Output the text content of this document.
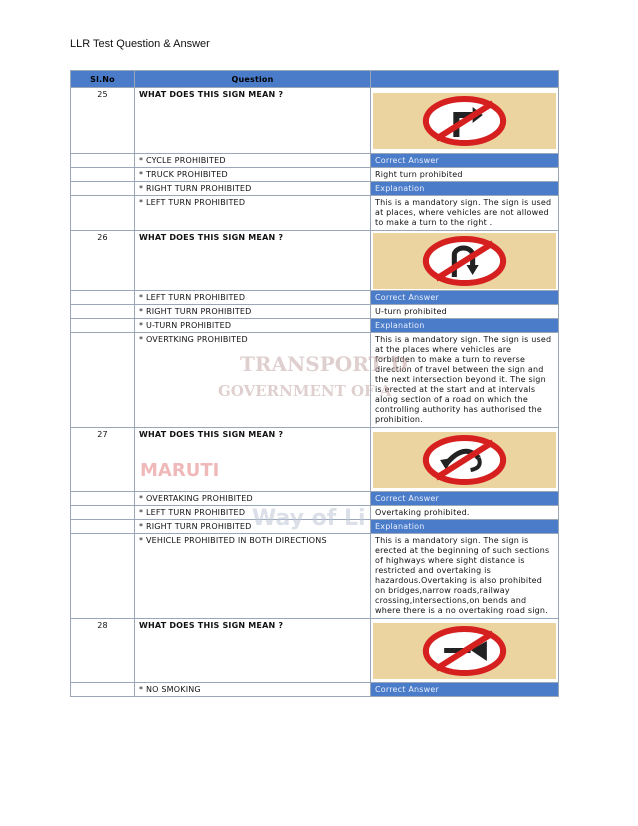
LLR Test Question & Answer
Sl.No	Question	
25	WHAT DOES THIS SIGN MEAN ?	

	* CYCLE PROHIBITED	Correct Answer
	* TRUCK PROHIBITED	Right turn prohibited
	* RIGHT TURN PROHIBITED	Explanation
	* LEFT TURN PROHIBITED	This is a mandatory sign. The sign is used at places, where vehicles are not allowed to make a turn to the right .
26	WHAT DOES THIS SIGN MEAN ?	

	* LEFT TURN PROHIBITED	Correct Answer
	* RIGHT TURN PROHIBITED	U-turn prohibited
	* U-TURN PROHIBITED	Explanation
	* OVERTKING PROHIBITED	This is a mandatory sign. The sign is used at the places where vehicles are forbidden to make a turn to reverse direction of travel between the sign and the next intersection beyond it. The sign is erected at the start and at intervals along section of a road on which the controlling authority has authorised the prohibition.
27	WHAT DOES THIS SIGN MEAN ?	

	* OVERTAKING PROHIBITED	Correct Answer
	* LEFT TURN PROHIBITED	Overtaking prohibited.
	* RIGHT TURN PROHIBITED	Explanation
	* VEHICLE PROHIBITED IN BOTH DIRECTIONS	This is a mandatory sign. The sign is erected at the beginning of such sections of highways where sight distance is restricted and overtaking is hazardous.Overtaking is also prohibited on bridges,narrow roads,railway crossing,intersections,on bends and where there is a no overtaking road sign.
28	WHAT DOES THIS SIGN MEAN ?	

	* NO SMOKING	Correct Answer
TRANSPORT D
GOVERNMENT OF A
MARUTI
Way of Li
